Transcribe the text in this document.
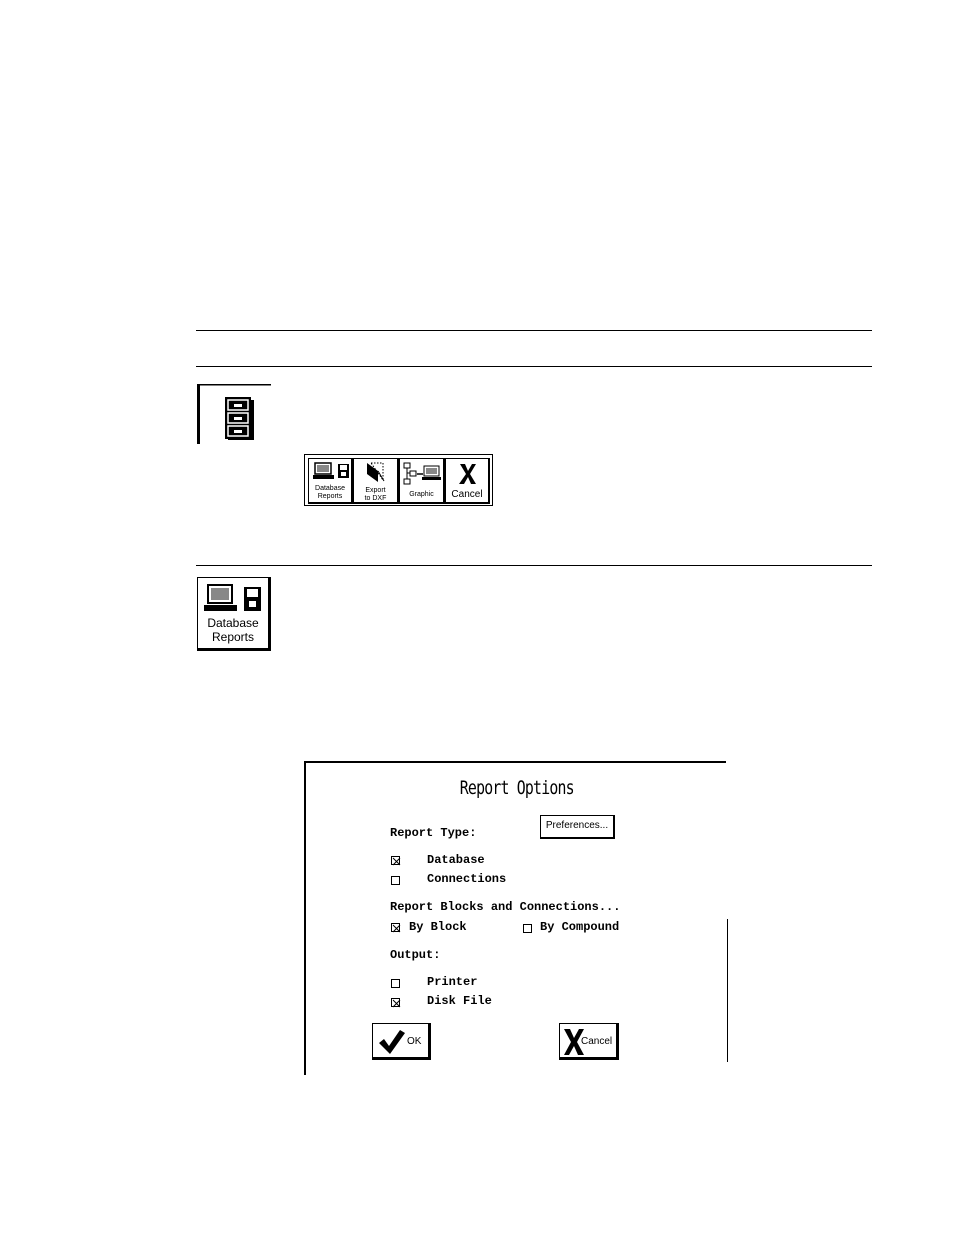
Database
Reports
Export
to DXF
Graphic	Cancel
Database
Reports
Report Options
Report Type:
Preferences...
Database
Connections
Report Blocks and Connections...
By Block	By Compound
Output:
Printer
Disk File
OK	Cancel
